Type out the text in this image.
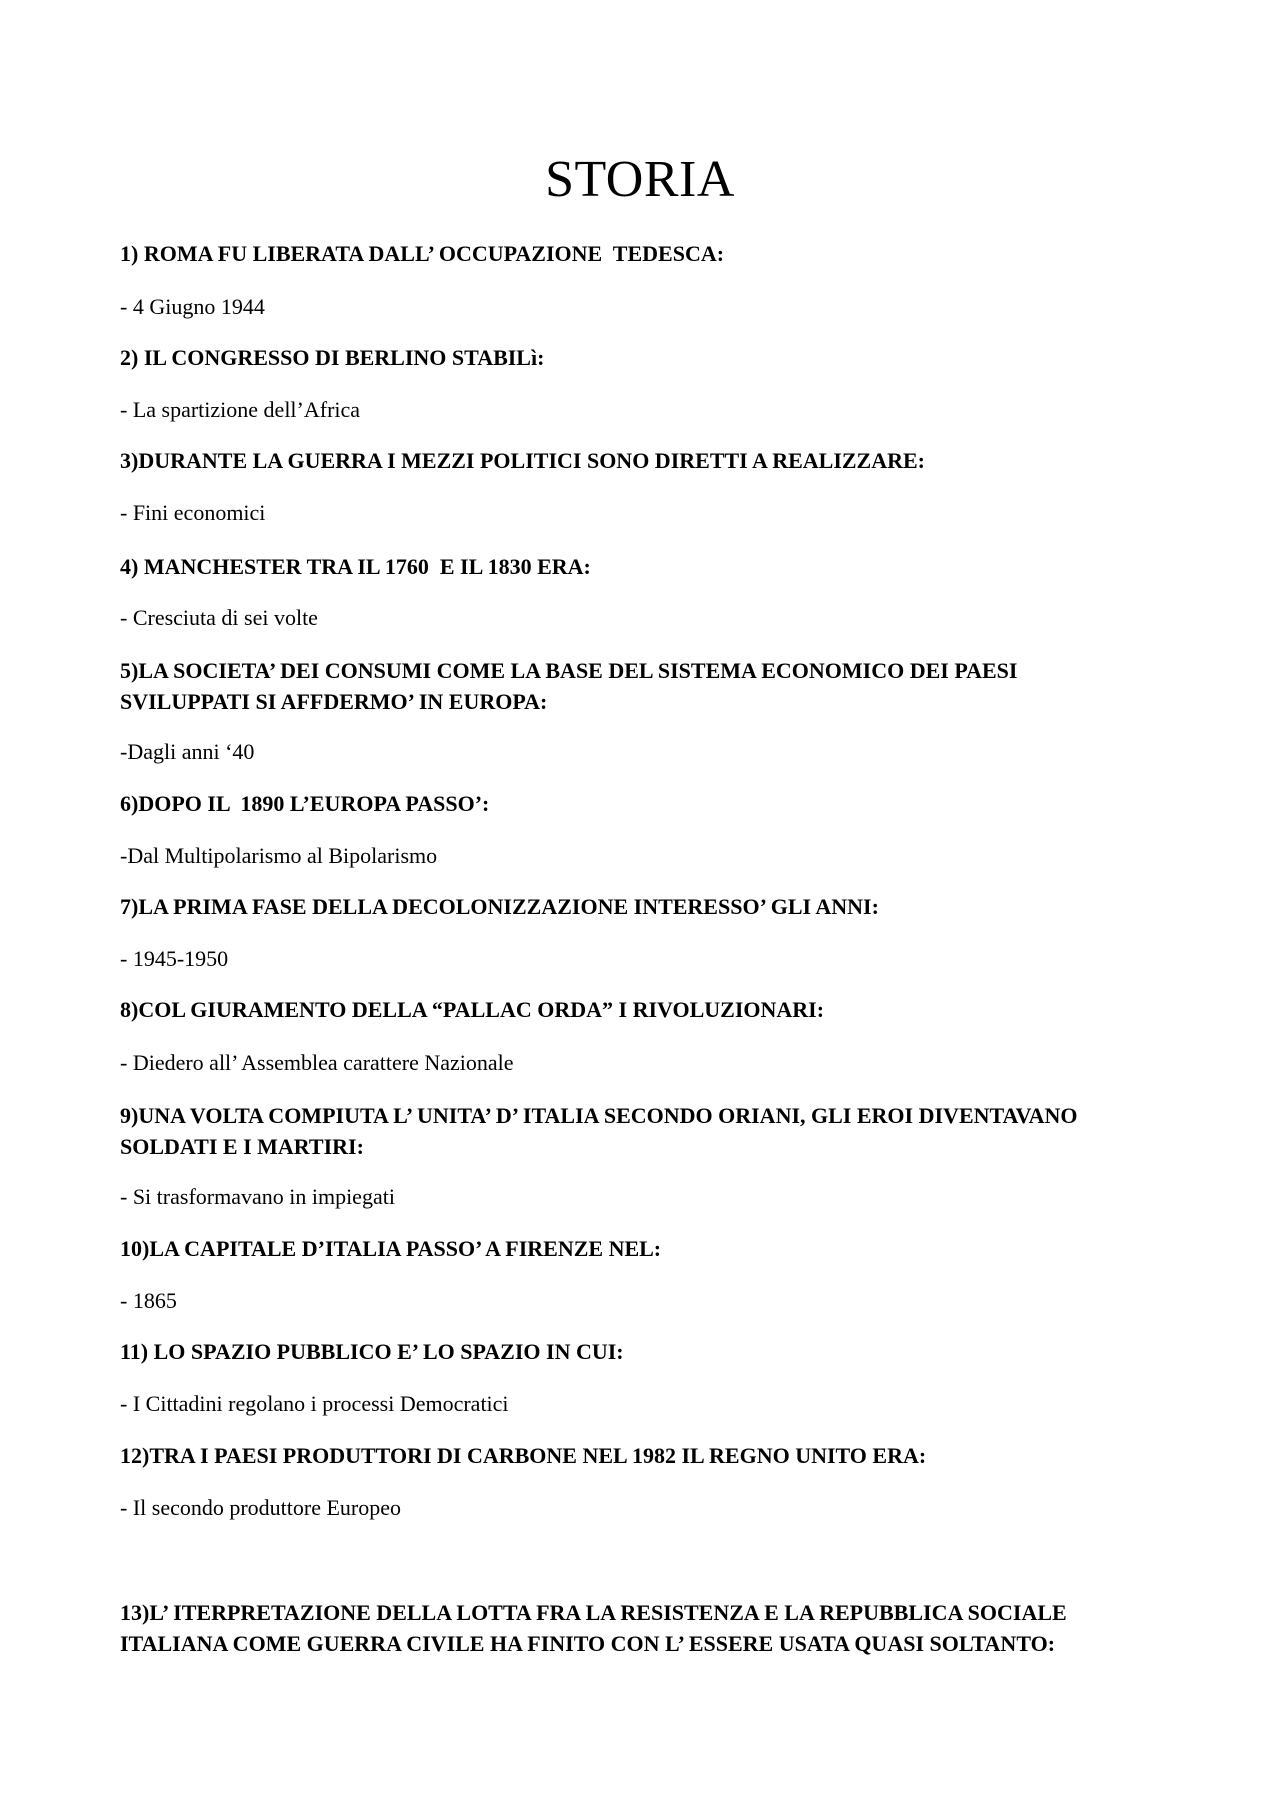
STORIA
1) ROMA FU LIBERATA DALL’ OCCUPAZIONE  TEDESCA:
- 4 Giugno 1944
2) IL CONGRESSO DI BERLINO STABILì:
- La spartizione dell’Africa
3)DURANTE LA GUERRA I MEZZI POLITICI SONO DIRETTI A REALIZZARE:
- Fini economici
4) MANCHESTER TRA IL 1760  E IL 1830 ERA:
- Cresciuta di sei volte
5)LA SOCIETA’ DEI CONSUMI COME LA BASE DEL SISTEMA ECONOMICO DEI PAESI
SVILUPPATI SI AFFDERMO’ IN EUROPA:
-Dagli anni ‘40
6)DOPO IL  1890 L’EUROPA PASSO’:
-Dal Multipolarismo al Bipolarismo
7)LA PRIMA FASE DELLA DECOLONIZZAZIONE INTERESSO’ GLI ANNI:
- 1945-1950
8)COL GIURAMENTO DELLA “PALLAC ORDA” I RIVOLUZIONARI:
- Diedero all’ Assemblea carattere Nazionale
9)UNA VOLTA COMPIUTA L’ UNITA’ D’ ITALIA SECONDO ORIANI, GLI EROI DIVENTAVANO
SOLDATI E I MARTIRI:
- Si trasformavano in impiegati
10)LA CAPITALE D’ITALIA PASSO’ A FIRENZE NEL:
- 1865
11) LO SPAZIO PUBBLICO E’ LO SPAZIO IN CUI:
- I Cittadini regolano i processi Democratici
12)TRA I PAESI PRODUTTORI DI CARBONE NEL 1982 IL REGNO UNITO ERA:
- Il secondo produttore Europeo
13)L’ ITERPRETAZIONE DELLA LOTTA FRA LA RESISTENZA E LA REPUBBLICA SOCIALE
ITALIANA COME GUERRA CIVILE HA FINITO CON L’ ESSERE USATA QUASI SOLTANTO:
